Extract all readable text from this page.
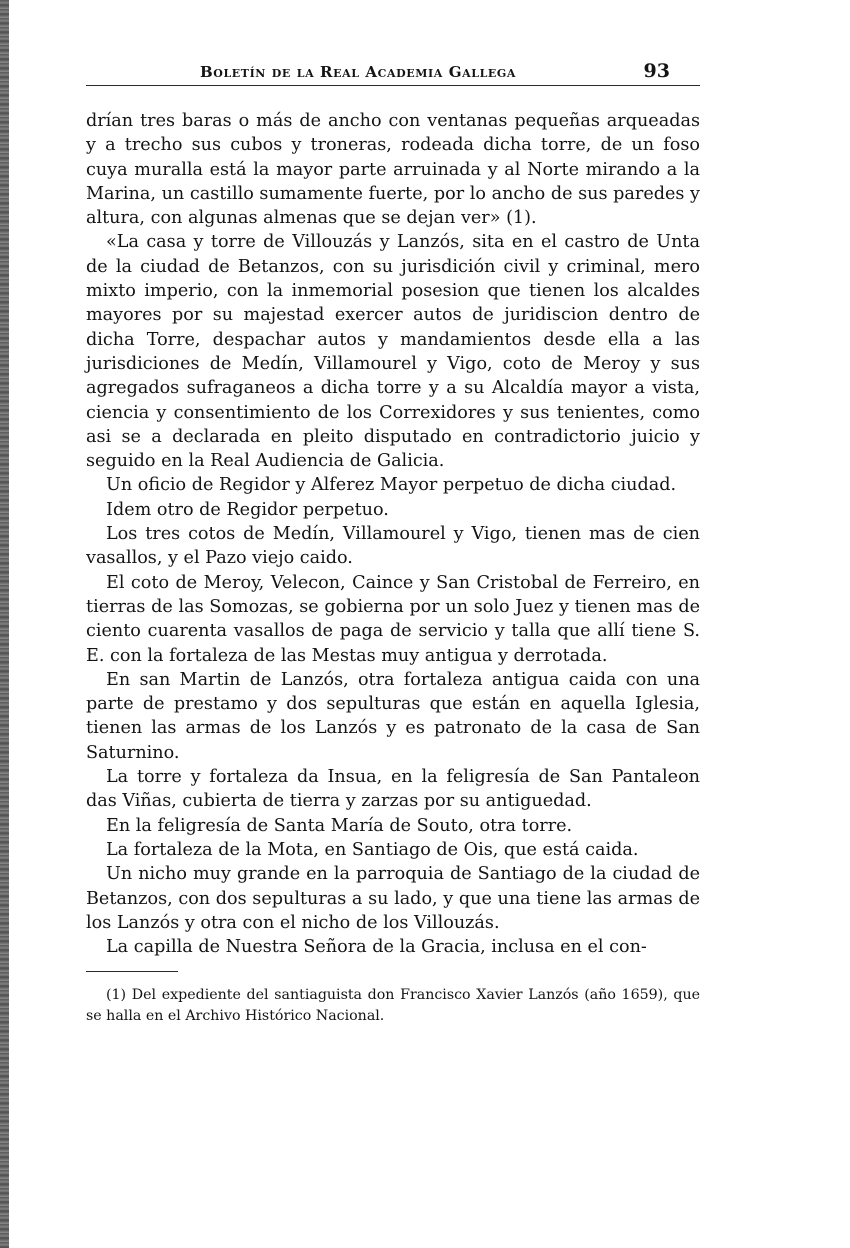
Boletín de la Real Academia Gallega	93

drían tres baras o más de ancho con ventanas pequeñas arqueadas y a trecho sus cubos y troneras, rodeada dicha torre, de un foso cuya muralla está la mayor parte arruinada y al Norte mirando a la Marina, un castillo sumamente fuerte, por lo ancho de sus paredes y altura, con algunas almenas que se dejan ver» (1).

«La casa y torre de Villouzás y Lanzós, sita en el castro de Unta de la ciudad de Betanzos, con su jurisdición civil y criminal, mero mixto imperio, con la inmemorial posesion que tienen los alcaldes mayores por su majestad exercer autos de juridiscion dentro de dicha Torre, despachar autos y mandamientos desde ella a las jurisdiciones de Medín, Villamourel y Vigo, coto de Meroy y sus agregados sufraganeos a dicha torre y a su Alcaldía mayor a vista, ciencia y consentimiento de los Correxidores y sus tenientes, como asi se a declarada en pleito disputado en contradictorio juicio y seguido en la Real Audiencia de Galicia.

Un oficio de Regidor y Alferez Mayor perpetuo de dicha ciudad.

Idem otro de Regidor perpetuo.

Los tres cotos de Medín, Villamourel y Vigo, tienen mas de cien vasallos, y el Pazo viejo caido.

El coto de Meroy, Velecon, Caince y San Cristobal de Ferreiro, en tierras de las Somozas, se gobierna por un solo Juez y tienen mas de ciento cuarenta vasallos de paga de servicio y talla que allí tiene S. E. con la fortaleza de las Mestas muy antigua y derrotada.

En san Martin de Lanzós, otra fortaleza antigua caida con una parte de prestamo y dos sepulturas que están en aquella Iglesia, tienen las armas de los Lanzós y es patronato de la casa de San Saturnino.

La torre y fortaleza da Insua, en la feligresía de San Pantaleon das Viñas, cubierta de tierra y zarzas por su antiguedad.

En la feligresía de Santa María de Souto, otra torre.

La fortaleza de la Mota, en Santiago de Ois, que está caida.

Un nicho muy grande en la parroquia de Santiago de la ciudad de Betanzos, con dos sepulturas a su lado, y que una tiene las armas de los Lanzós y otra con el nicho de los Villouzás.

La capilla de Nuestra Señora de la Gracia, inclusa en el con-

(1) Del expediente del santiaguista don Francisco Xavier Lanzós (año 1659), que se halla en el Archivo Histórico Nacional.
